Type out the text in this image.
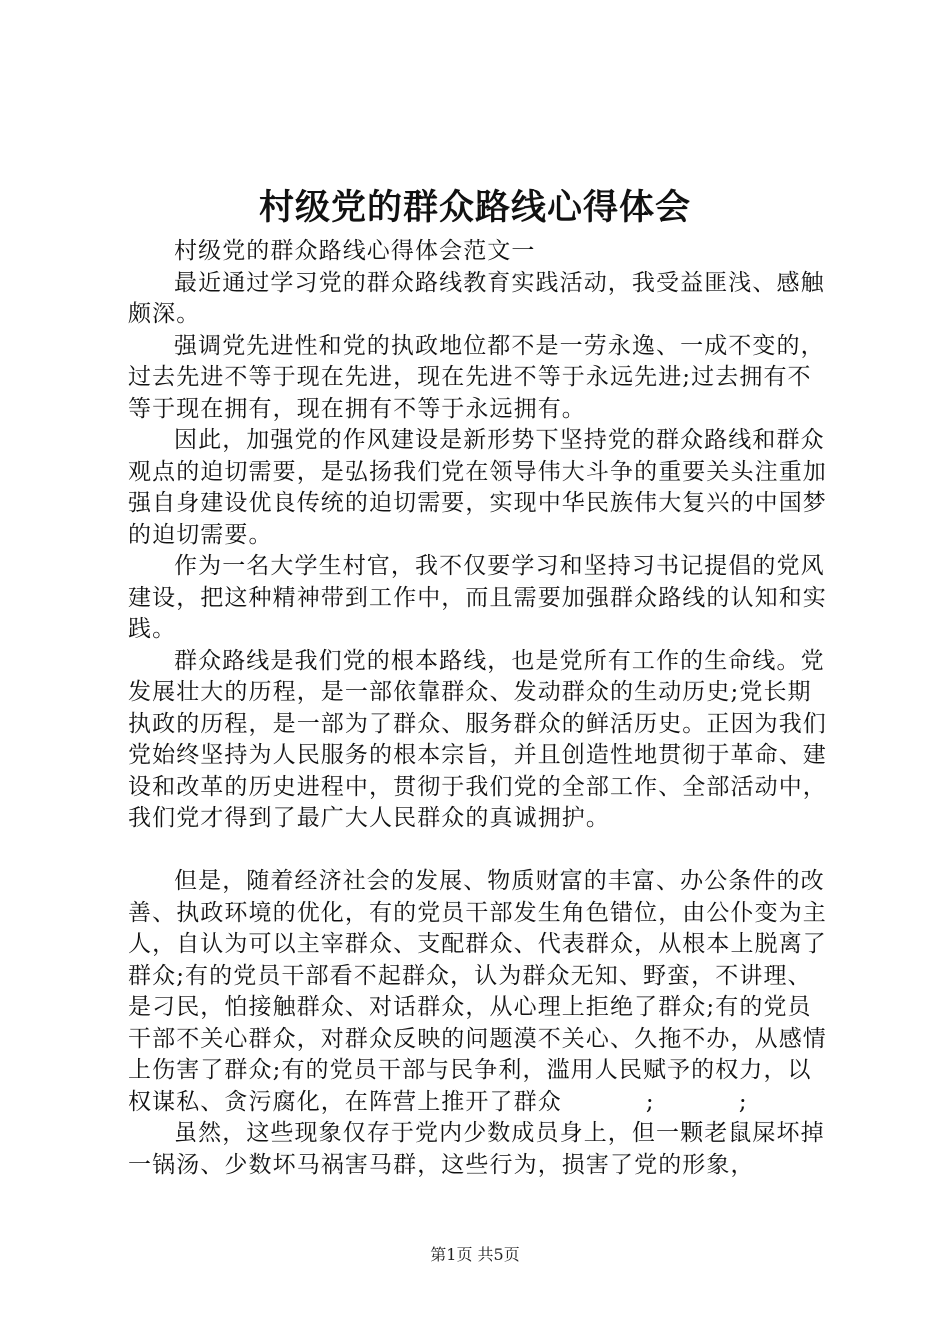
村级党的群众路线心得体会

村级党的群众路线心得体会范文一

最近通过学习党的群众路线教育实践活动，我受益匪浅、感触颇深。

强调党先进性和党的执政地位都不是一劳永逸、一成不变的，过去先进不等于现在先进，现在先进不等于永远先进;过去拥有不等于现在拥有，现在拥有不等于永远拥有。

因此，加强党的作风建设是新形势下坚持党的群众路线和群众观点的迫切需要，是弘扬我们党在领导伟大斗争的重要关头注重加强自身建设优良传统的迫切需要，实现中华民族伟大复兴的中国梦的迫切需要。

作为一名大学生村官，我不仅要学习和坚持习书记提倡的党风建设，把这种精神带到工作中，而且需要加强群众路线的认知和实践。

群众路线是我们党的根本路线，也是党所有工作的生命线。党发展壮大的历程，是一部依靠群众、发动群众的生动历史;党长期执政的历程，是一部为了群众、服务群众的鲜活历史。正因为我们党始终坚持为人民服务的根本宗旨，并且创造性地贯彻于革命、建设和改革的历史进程中，贯彻于我们党的全部工作、全部活动中，我们党才得到了最广大人民群众的真诚拥护。

但是，随着经济社会的发展、物质财富的丰富、办公条件的改善、执政环境的优化，有的党员干部发生角色错位，由公仆变为主人，自认为可以主宰群众、支配群众、代表群众，从根本上脱离了群众;有的党员干部看不起群众，认为群众无知、野蛮，不讲理、是刁民，怕接触群众、对话群众，从心理上拒绝了群众;有的党员干部不关心群众，对群众反映的问题漠不关心、久拖不办，从感情上伤害了群众;有的党员干部与民争利，滥用人民赋予的权力，以权谋私、贪污腐化，在阵营上推开了群众          ;          ;

虽然，这些现象仅存于党内少数成员身上，但一颗老鼠屎坏掉一锅汤、少数坏马祸害马群，这些行为，损害了党的形象，

第1页 共5页
